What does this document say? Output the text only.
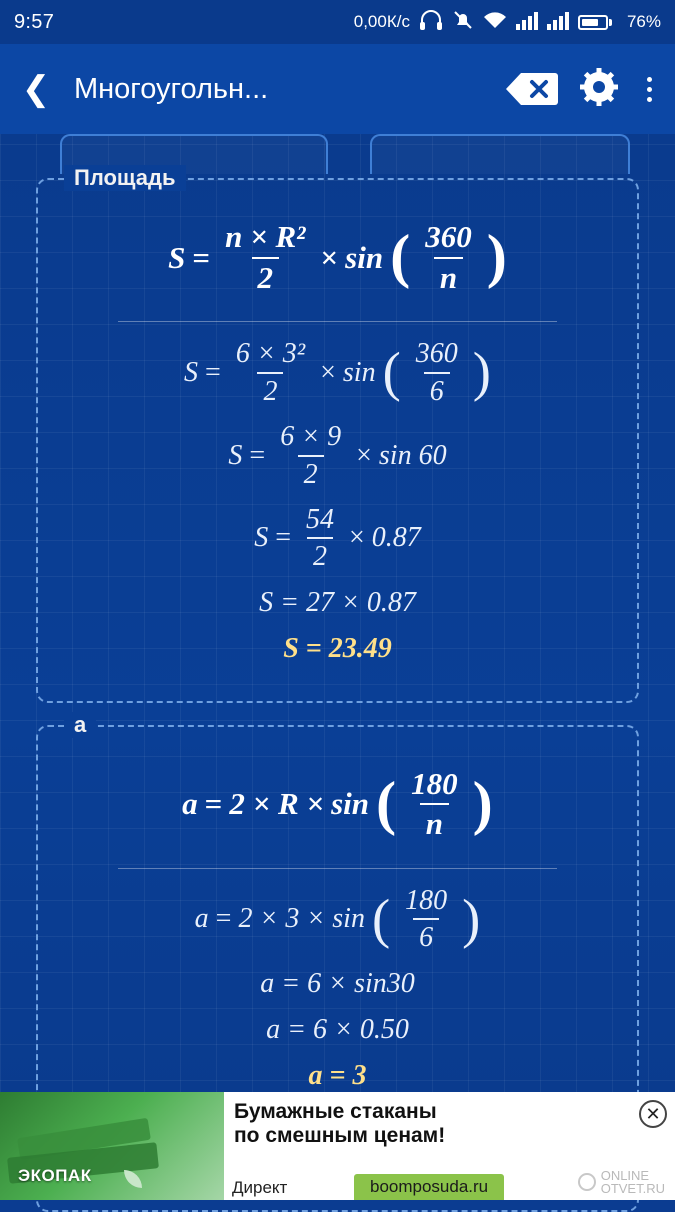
9:57	0,00К/с	76%
❮ Многоугольн...
Площадь
$S = \frac{\text{n × R²}}{2} \times \sin$ ( $\frac{360}{n}$ )
$S = \frac{\text{6 × 3²}}{2} \times \sin$ ( $\frac{360}{6}$ )
$S = \frac{6 \times 9}{2} \times \sin 60$
$S = \frac{54}{2} \times 0.87$
S = 27 × 0.87
S = 23.49
a
a = 2 × R × sin ( $\frac{180}{n}$ )
a = 2 × 3 × sin ( $\frac{180}{6}$ )
a = 6 × sin30
a = 6 × 0.50
a = 3
ЭКОПАК
Бумажные стаканы
по смешным ценам!
boomposuda.ru
Директ
✕
ONLINE
OTVET.RU
